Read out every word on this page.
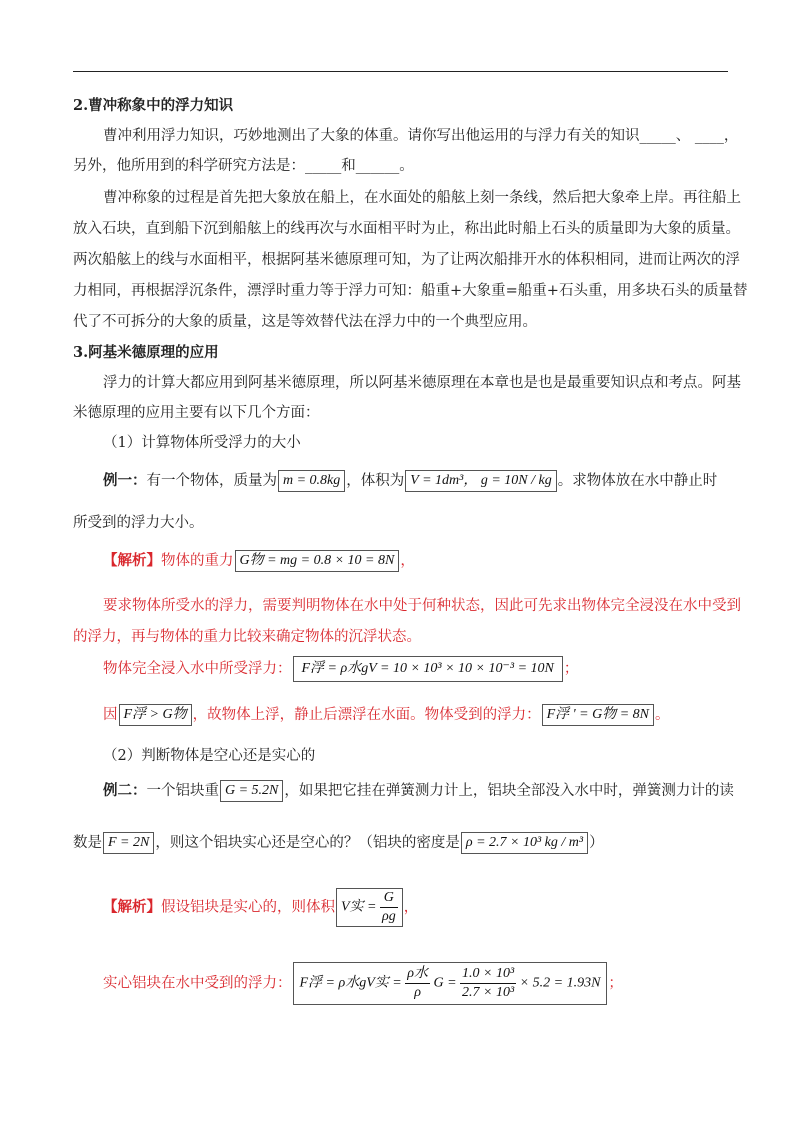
2.曹冲称象中的浮力知识
曹冲利用浮力知识，巧妙地测出了大象的体重。请你写出他运用的与浮力有关的知识_____、 ____，
另外，他所用到的科学研究方法是：_____和______。
曹冲称象的过程是首先把大象放在船上，在水面处的船舷上刻一条线，然后把大象牵上岸。再往船上
放入石块，直到船下沉到船舷上的线再次与水面相平时为止，称出此时船上石头的质量即为大象的质量。
两次船舷上的线与水面相平，根据阿基米德原理可知，为了让两次船排开水的体积相同，进而让两次的浮
力相同，再根据浮沉条件，漂浮时重力等于浮力可知：船重+大象重=船重+石头重，用多块石头的质量替
代了不可拆分的大象的质量，这是等效替代法在浮力中的一个典型应用。
3.阿基米德原理的应用
浮力的计算大都应用到阿基米德原理，所以阿基米德原理在本章也是也是最重要知识点和考点。阿基
米德原理的应用主要有以下几个方面：
（1）计算物体所受浮力的大小
例一：有一个物体，质量为 m = 0.8kg ，体积为 V = 1dm³， g = 10N / kg 。求物体放在水中静止时
所受到的浮力大小。
【解析】物体的重力 G物 = mg = 0.8 × 10 = 8N ，
要求物体所受水的浮力，需要判明物体在水中处于何种状态，因此可先求出物体完全浸没在水中受到
的浮力，再与物体的重力比较来确定物体的沉浮状态。
物体完全浸入水中所受浮力： F浮 = ρ水gV = 10 × 10³ × 10 × 10⁻³ = 10N ；
因 F浮 > G物 ，故物体上浮，静止后漂浮在水面。物体受到的浮力： F浮 ' = G物 = 8N 。
（2）判断物体是空心还是实心的
例二：一个铝块重 G = 5.2N ，如果把它挂在弹簧测力计上，铝块全部没入水中时，弹簧测力计的读
数是 F = 2N ，则这个铝块实心还是空心的？（铝块的密度是 ρ = 2.7 × 10³ kg / m³ ）
【解析】假设铝块是实心的，则体积 V实 = $\frac{G}{\rho g}$ ，
实心铝块在水中受到的浮力： F浮 = ρ水gV实 = $\frac{\text{ρ水}}{\rho}$ $G = \frac{\text{1.0 × 10³}}{\text{2.7 × 10³}} \times 5.2 = 1.93N$ ；
